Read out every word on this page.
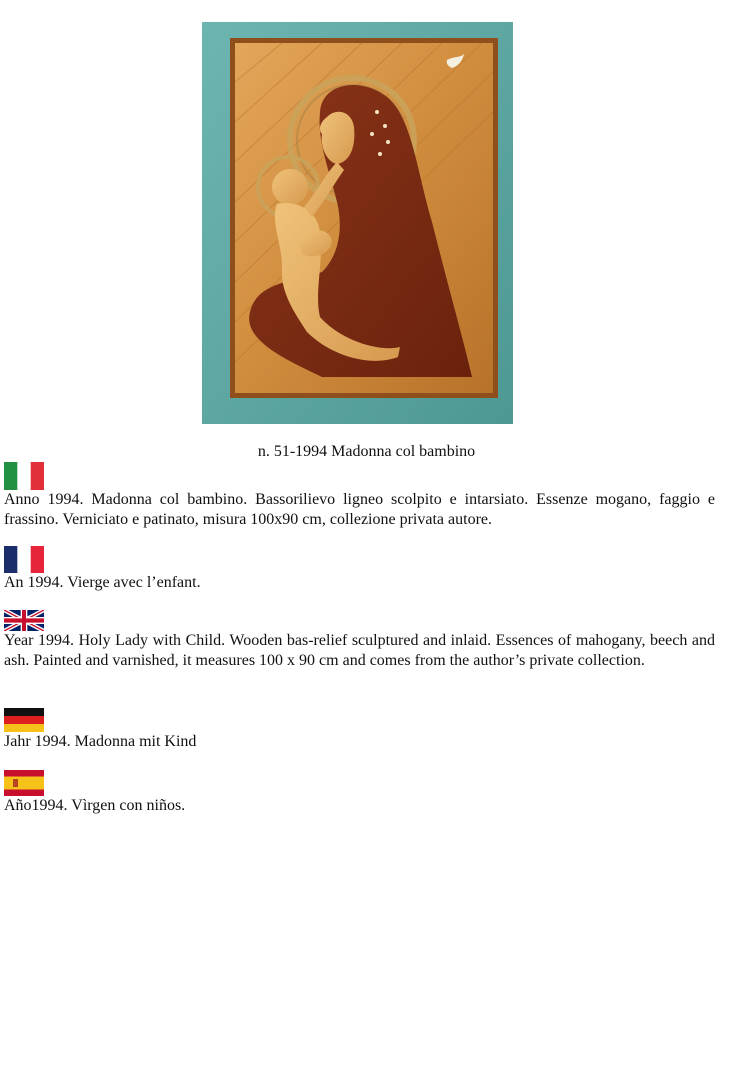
n. 51-1994 Madonna col bambino
Anno 1994. Madonna col bambino. Bassorilievo ligneo scolpito e intarsiato. Essenze mogano, faggio e frassino. Verniciato e patinato, misura 100x90 cm, collezione privata autore.
An 1994. Vierge avec l’enfant.
Year 1994. Holy Lady with Child. Wooden bas-relief sculptured and inlaid. Essences of mahogany, beech and ash. Painted and varnished, it measures 100 x 90 cm and comes from the author’s private collection.
Jahr 1994. Madonna mit Kind
Año1994. Vìrgen con niños.
